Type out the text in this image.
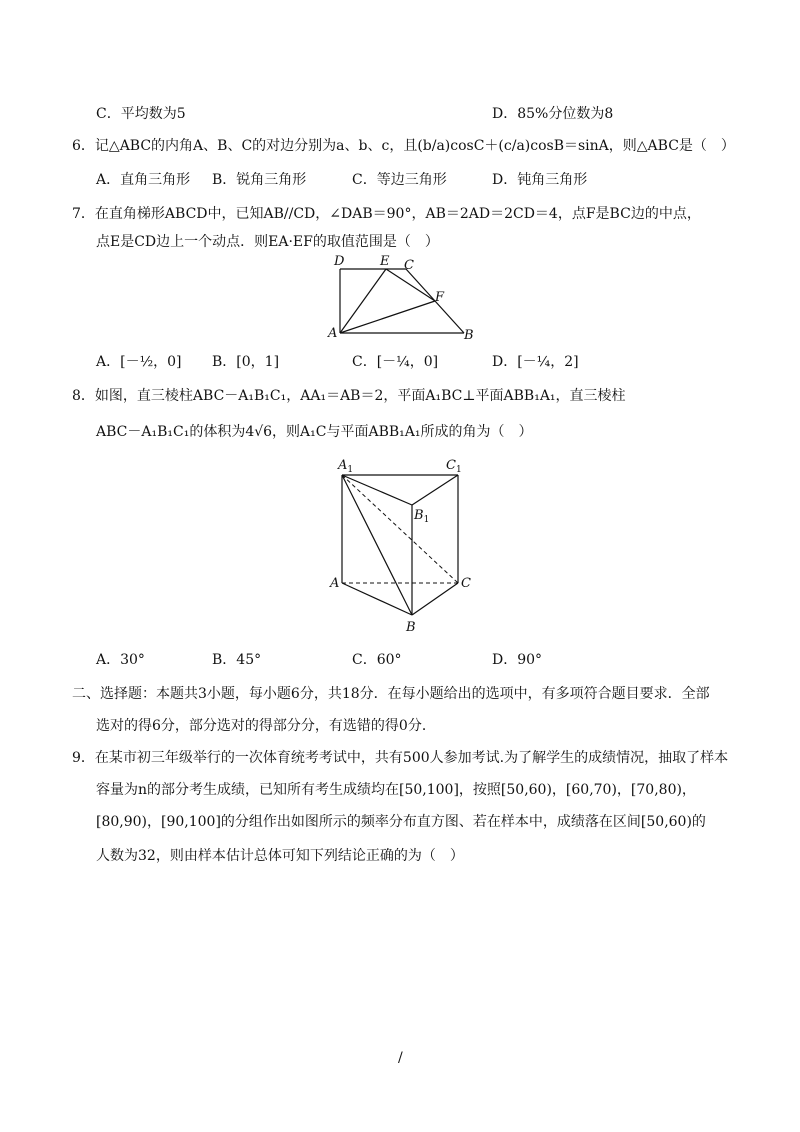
C．平均数为5	D．85%分位数为8
6．记△ABC的内角A、B、C的对边分别为a、b、c，且(b/a)cosC＋(c/a)cosB＝sinA，则△ABC是（　）
A．直角三角形 B．锐角三角形	C．等边三角形	D．钝角三角形
7．在直角梯形ABCD中，已知AB//CD，∠DAB＝90°，AB＝2AD＝2CD＝4，点F是BC边的中点，
点E是CD边上一个动点．则EA·EF的取值范围是（　）
D	E C
F
A	B
A．[－½，0] B．[0，1]	C．[－¼，0]	D．[－¼，2]
8．如图，直三棱柱ABC－A₁B₁C₁，AA₁＝AB＝2，平面A₁BC⊥平面ABB₁A₁，直三棱柱
ABC－A₁B₁C₁的体积为4√6，则A₁C与平面ABB₁A₁所成的角为（　）
$A_1$	$C_1$
$B_1$
A	C
B
A．30°	B．45°	C．60°	D．90°
二、选择题：本题共3小题，每小题6分，共18分．在每小题给出的选项中，有多项符合题目要求．全部
选对的得6分，部分选对的得部分分，有选错的得0分．
9．在某市初三年级举行的一次体育统考考试中，共有500人参加考试.为了解学生的成绩情况，抽取了样本
容量为n的部分考生成绩，已知所有考生成绩均在[50,100]，按照[50,60)，[60,70)，[70,80)，
[80,90)，[90,100]的分组作出如图所示的频率分布直方图、若在样本中，成绩落在区间[50,60)的
人数为32，则由样本估计总体可知下列结论正确的为（　）
/
